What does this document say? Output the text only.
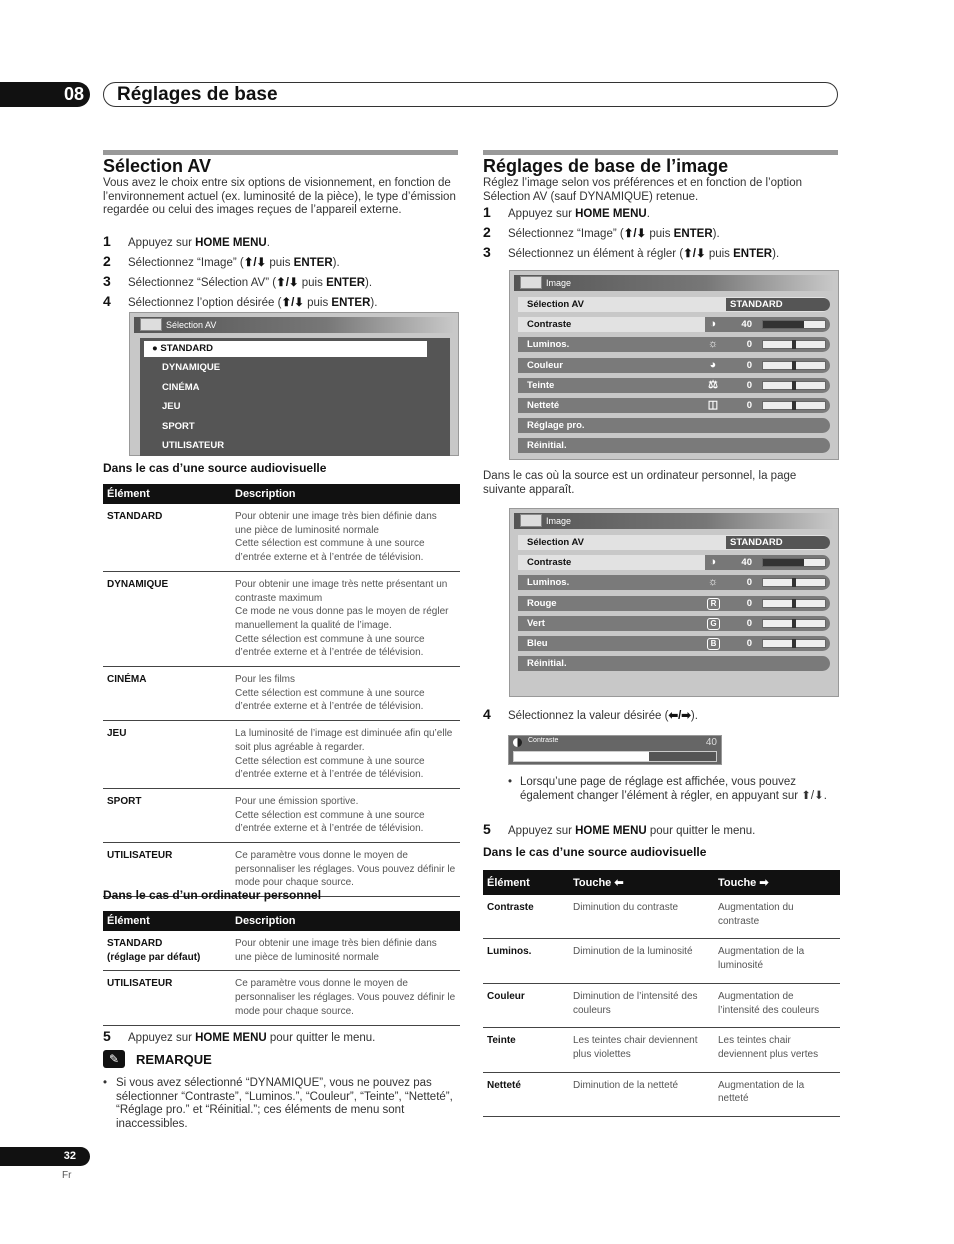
08	Réglages de base
Sélection AV
Vous avez le choix entre six options de visionnement, en fonction de l’environnement actuel (ex. luminosité de la pièce), le type d’émission regardée ou celui des images reçues de l’appareil externe.
1	Appuyez sur HOME MENU.
2	Sélectionnez “Image” (⬆/⬇ puis ENTER).
3	Sélectionnez “Sélection AV” (⬆/⬇ puis ENTER).
4	Sélectionnez l’option désirée (⬆/⬇ puis ENTER).
Sélection AV
● STANDARD
DYNAMIQUE
CINÉMA
JEU
SPORT
UTILISATEUR
Dans le cas d’une source audiovisuelle
Élément	Description
STANDARD	Pour obtenir une image très bien définie dans une pièce de luminosité normale
Cette sélection est commune à une source d’entrée externe et à l’entrée de télévision.
DYNAMIQUE	Pour obtenir une image très nette présentant un contraste maximum
Ce mode ne vous donne pas le moyen de régler manuellement la qualité de l’image.
Cette sélection est commune à une source d’entrée externe et à l’entrée de télévision.
CINÉMA	Pour les films
Cette sélection est commune à une source d’entrée externe et à l’entrée de télévision.
JEU	La luminosité de l’image est diminuée afin qu’elle soit plus agréable à regarder.
Cette sélection est commune à une source d’entrée externe et à l’entrée de télévision.
SPORT	Pour une émission sportive.
Cette sélection est commune à une source d’entrée externe et à l’entrée de télévision.
UTILISATEUR	Ce paramètre vous donne le moyen de personnaliser les réglages. Vous pouvez définir le mode pour chaque source.
Dans le cas d’un ordinateur personnel
Élément	Description
STANDARD
(réglage par défaut)	Pour obtenir une image très bien définie dans une pièce de luminosité normale
UTILISATEUR	Ce paramètre vous donne le moyen de personnaliser les réglages. Vous pouvez définir le mode pour chaque source.
5	Appuyez sur HOME MENU pour quitter le menu.
✎	REMARQUE
• Si vous avez sélectionné “DYNAMIQUE”, vous ne pouvez pas sélectionner “Contraste”, “Luminos.”, “Couleur”, “Teinte”, “Netteté”, “Réglage pro.” et “Réinitial.”; ces éléments de menu sont inaccessibles.
Réglages de base de l’image
Réglez l’image selon vos préférences et en fonction de l’option Sélection AV (sauf DYNAMIQUE) retenue.
1	Appuyez sur HOME MENU.
2	Sélectionnez “Image” (⬆/⬇ puis ENTER).
3	Sélectionnez un élément à régler (⬆/⬇ puis ENTER).
Image
Sélection AV	STANDARD
Contraste	◑	40
Luminos.	☼	0
Couleur	◕	0
Teinte	⚖	0
Netteté	◫	0
Réglage pro.
Réinitial.
Dans le cas où la source est un ordinateur personnel, la page suivante apparaît.
Image
Sélection AV	STANDARD
Contraste	◑	40
Luminos.	☼	0
Rouge	R	0
Vert	G	0
Bleu	B	0
Réinitial.
4	Sélectionnez la valeur désirée (⬅/➡).
Contraste	40
• Lorsqu’une page de réglage est affichée, vous pouvez également changer l’élément à régler, en appuyant sur ⬆/⬇.
5	Appuyez sur HOME MENU pour quitter le menu.
Dans le cas d’une source audiovisuelle
Élément	Touche ⬅	Touche ➡
Contraste	Diminution du contraste	Augmentation du contraste
Luminos.	Diminution de la luminosité	Augmentation de la luminosité
Couleur	Diminution de l’intensité des couleurs	Augmentation de l’intensité des couleurs
Teinte	Les teintes chair deviennent plus violettes	Les teintes chair deviennent plus vertes
Netteté	Diminution de la netteté	Augmentation de la netteté
32
Fr
